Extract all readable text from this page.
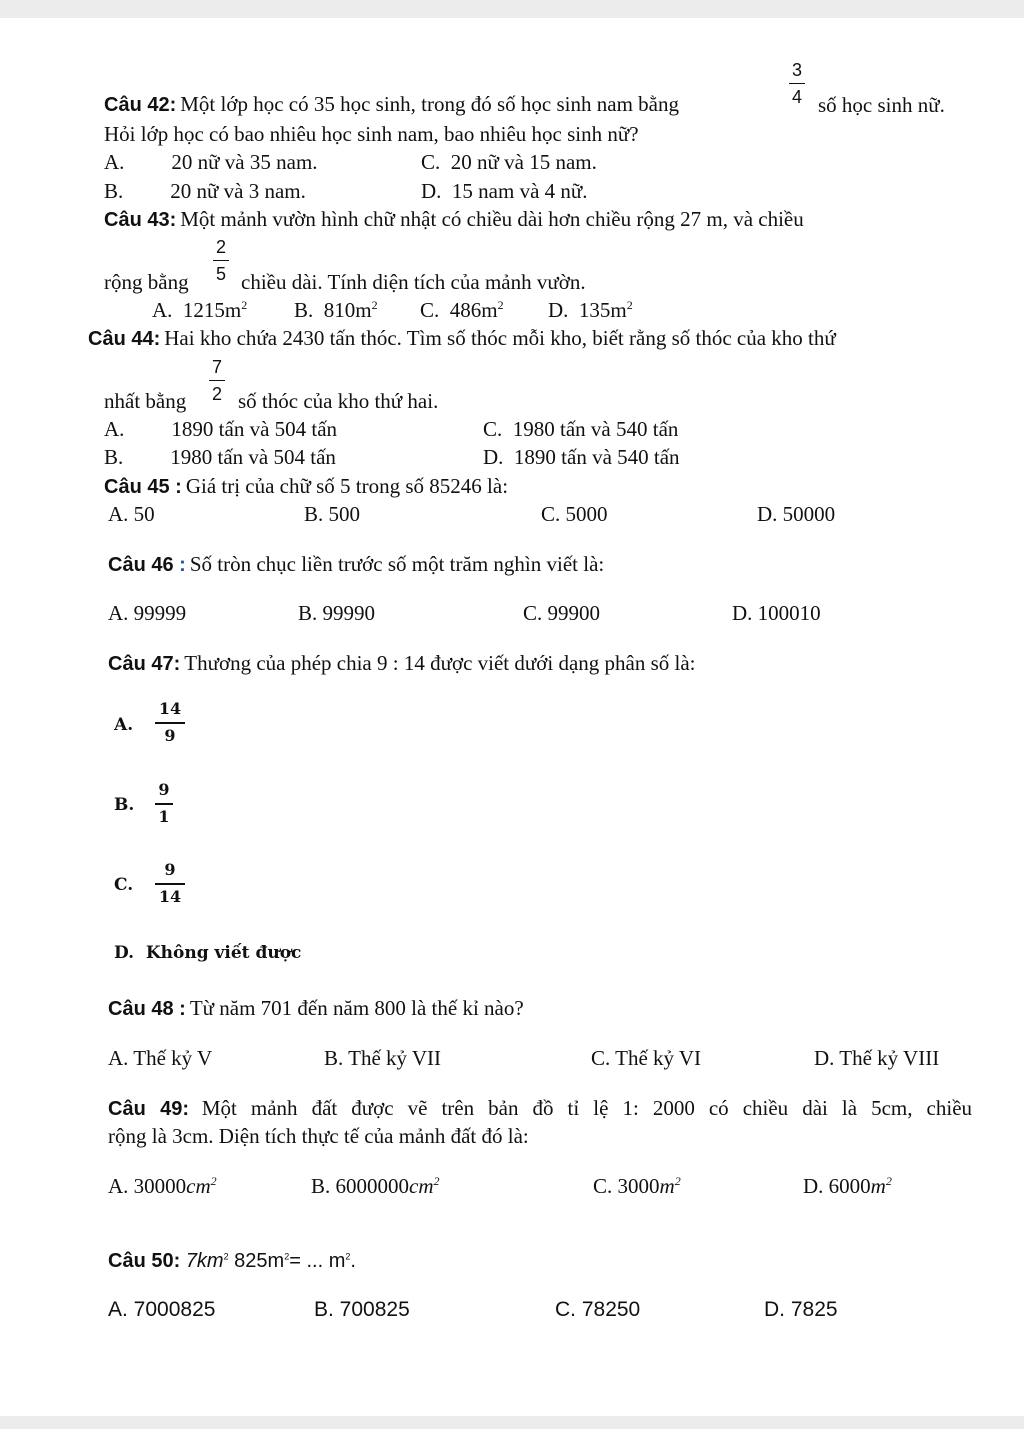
Câu 42: Một lớp học có 35 học sinh, trong đó số học sinh nam bằng
3
4 số học sinh nữ.
Hỏi lớp học có bao nhiêu học sinh nam, bao nhiêu học sinh nữ?
A. 20 nữ và 35 nam.	C. 20 nữ và 15 nam.
B. 20 nữ và 3 nam.	D. 15 nam và 4 nữ.
Câu 43: Một mảnh vườn hình chữ nhật có chiều dài hơn chiều rộng 27 m, và chiều
rộng bằng
2
5 chiều dài. Tính diện tích của mảnh vườn.
A. $1215m^2$ B. $810m^2$ C. $486m^2$ D. $135m^2$
Câu 44: Hai kho chứa 2430 tấn thóc. Tìm số thóc mỗi kho, biết rằng số thóc của kho thứ
nhất bằng
7
2 số thóc của kho thứ hai.
A. 1890 tấn và 504 tấn	C. 1980 tấn và 540 tấn
B. 1980 tấn và 504 tấn	D. 1890 tấn và 540 tấn
Câu 45 : Giá trị của chữ số 5 trong số 85246 là:
A. 50	B. 500	C. 5000	D. 50000
Câu 46 : Số tròn chục liền trước số một trăm nghìn viết là:
A. 99999	B. 99990	C. 99900	D. 100010
Câu 47: Thương của phép chia 9 : 14 được viết dưới dạng phân số là:
A.
14
9
B.
9
1
C.
9
14
D.  Không viết được
Câu 48 : Từ năm 701 đến năm 800 là thế kỉ nào?
A. Thế kỷ V	B. Thế kỷ VII	C. Thế kỷ VI	D. Thế kỷ VIII
Câu 49: Một mảnh đất được vẽ trên bản đồ tỉ lệ 1: 2000 có chiều dài là 5cm, chiều
rộng là 3cm. Diện tích thực tế của mảnh đất đó là:
A. $30000cm^2$	B. $6000000cm^2$	C. $3000m^2$	D. $6000m^2$
Câu 50: $7km^2$ $825m^2=$ ... $m^2$.
A. 7000825	B. 700825	C. 78250	D. 7825
